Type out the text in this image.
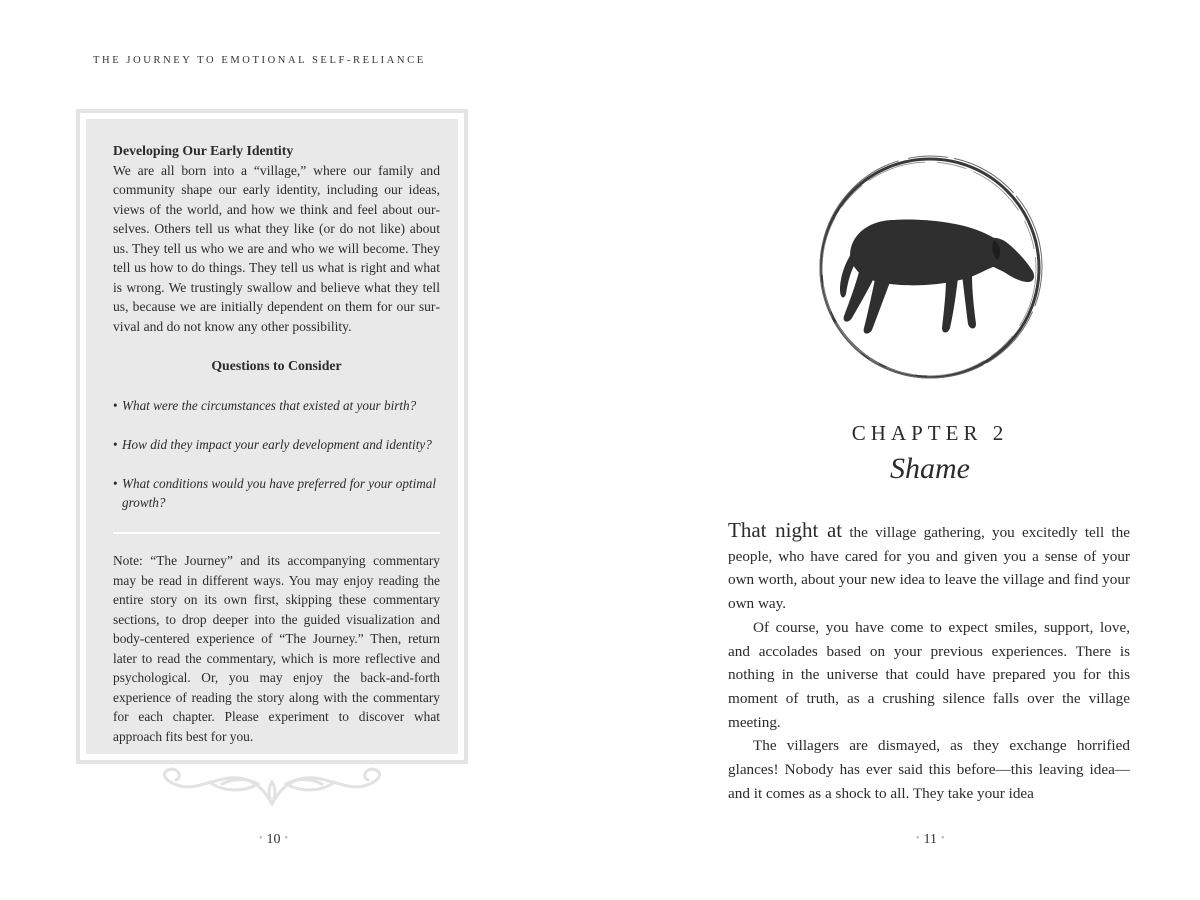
THE JOURNEY TO EMOTIONAL SELF-RELIANCE
Developing Our Early Identity
We are all born into a “village,” where our family and community shape our early identity, including our ideas, views of the world, and how we think and feel about ourselves. Others tell us what they like (or do not like) about us. They tell us who we are and who we will become. They tell us how to do things. They tell us what is right and what is wrong. We trustingly swallow and believe what they tell us, because we are initially dependent on them for our survival and do not know any other possibility.
Questions to Consider
• What were the circumstances that existed at your birth?
• How did they impact your early development and identity?
• What conditions would you have preferred for your optimal growth?
Note: “The Journey” and its accompanying commentary may be read in different ways. You may enjoy reading the entire story on its own first, skipping these commentary sections, to drop deeper into the guided visualization and body-centered experience of “The Journey.” Then, return later to read the commentary, which is more reflective and psychological. Or, you may enjoy the back-and-forth experience of reading the story along with the commentary for each chapter. Please experiment to discover what approach fits best for you.
• 10 •
CHAPTER 2
Shame

That night at the village gathering, you excitedly tell the people, who have cared for you and given you a sense of your own worth, about your new idea to leave the village and find your own way.

Of course, you have come to expect smiles, support, love, and accolades based on your previous experiences. There is nothing in the universe that could have prepared you for this moment of truth, as a crushing silence falls over the village meeting.

The villagers are dismayed, as they exchange horrified glances! Nobody has ever said this before—this leaving idea—and it comes as a shock to all. They take your idea

• 11 •
